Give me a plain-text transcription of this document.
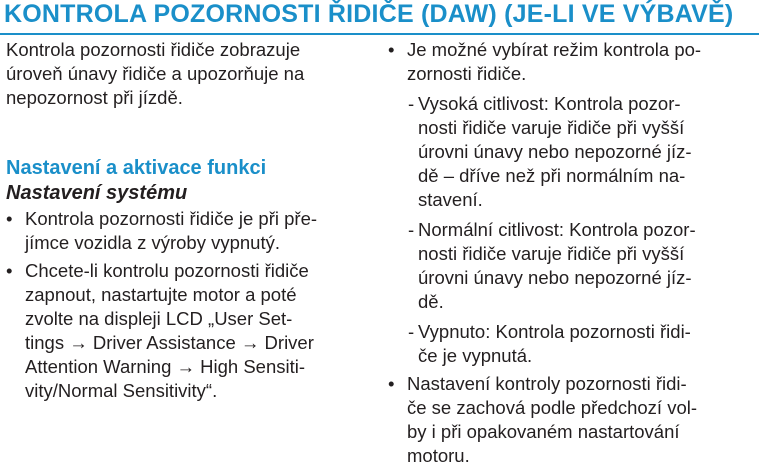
KONTROLA POZORNOSTI ŘIDIČE (DAW) (JE-LI VE VÝBAVĚ)

Kontrola pozornosti řidiče zobrazuje
úroveň únavy řidiče a upozorňuje na
nepozornost při jízdě.

Nastavení a aktivace funkci

Nastavení systému

• Kontrola pozornosti řidiče je při pře-
jímce vozidla z výroby vypnutý.

• Chcete-li kontrolu pozornosti řidiče
zapnout, nastartujte motor a poté
zvolte na displeji LCD „User Set-
tings → Driver Assistance → Driver
Attention Warning → High Sensiti-
vity/Normal Sensitivity“.

• Je možné vybírat režim kontrola po-
zornosti řidiče.

- Vysoká citlivost: Kontrola pozor-
nosti řidiče varuje řidiče při vyšší
úrovni únavy nebo nepozorné jíz-
dě – dříve než při normálním na-
stavení.

- Normální citlivost: Kontrola pozor-
nosti řidiče varuje řidiče při vyšší
úrovni únavy nebo nepozorné jíz-
dě.

- Vypnuto: Kontrola pozornosti řidi-
če je vypnutá.

• Nastavení kontroly pozornosti řidi-
če se zachová podle předchozí vol-
by i při opakovaném nastartování
motoru.
